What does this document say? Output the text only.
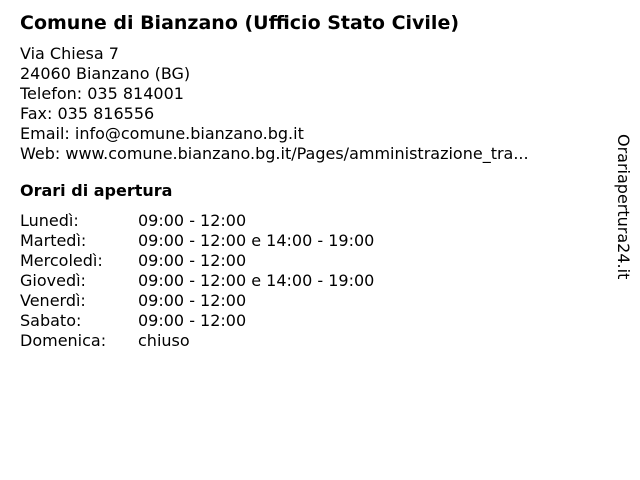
Comune di Bianzano (Ufficio Stato Civile)
Via Chiesa 7
24060 Bianzano (BG)
Telefon: 035 814001
Fax: 035 816556
Email: info@comune.bianzano.bg.it
Web: www.comune.bianzano.bg.it/Pages/amministrazione_tra...
Orari di apertura
Lunedì:	09:00 - 12:00
Martedì:	09:00 - 12:00 e 14:00 - 19:00
Mercoledì:	09:00 - 12:00
Giovedì:	09:00 - 12:00 e 14:00 - 19:00
Venerdì:	09:00 - 12:00
Sabato:	09:00 - 12:00
Domenica:	chiuso
Orariapertura24.it
